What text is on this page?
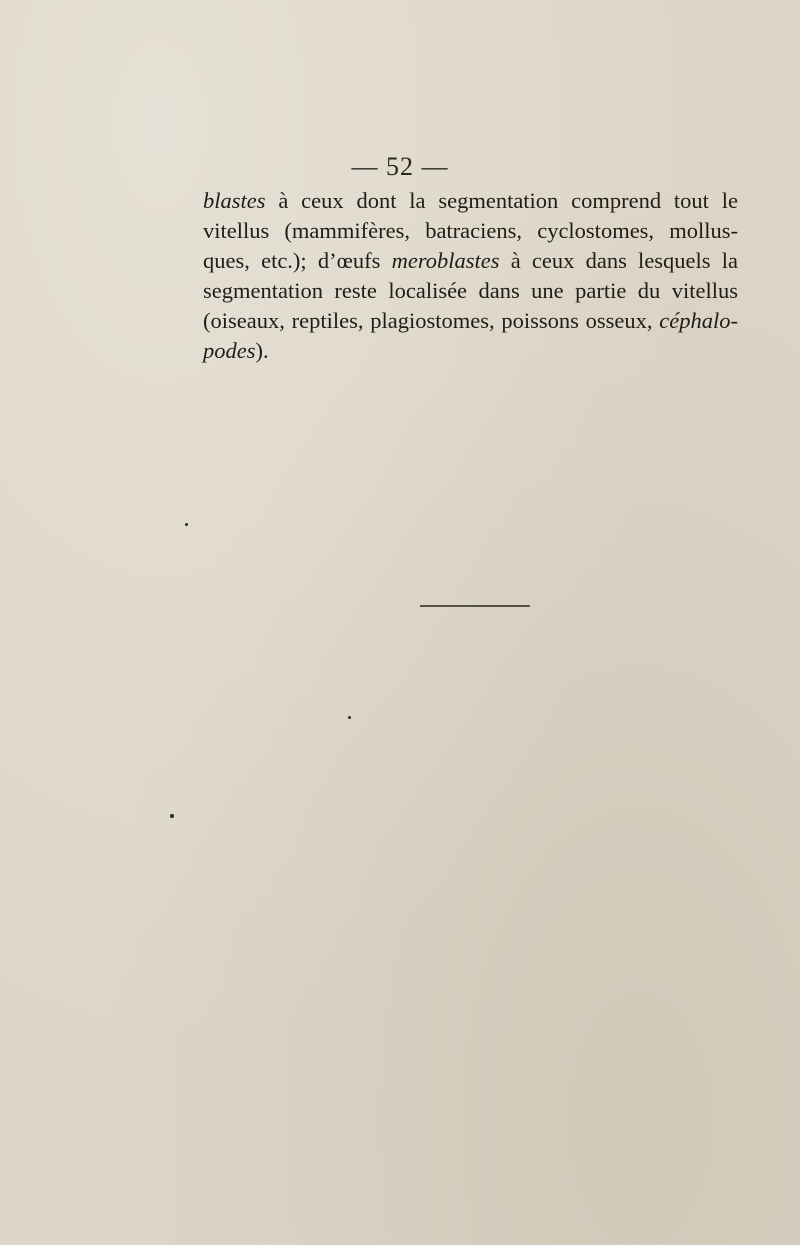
— 52 —
blastes à ceux dont la segmentation comprend tout le
vitellus (mammifères, batraciens, cyclostomes, mollus-
ques, etc.); d’œufs meroblastes à ceux dans lesquels la
segmentation reste localisée dans une partie du vitellus
(oiseaux, reptiles, plagiostomes, poissons osseux, céphalo-
podes).
